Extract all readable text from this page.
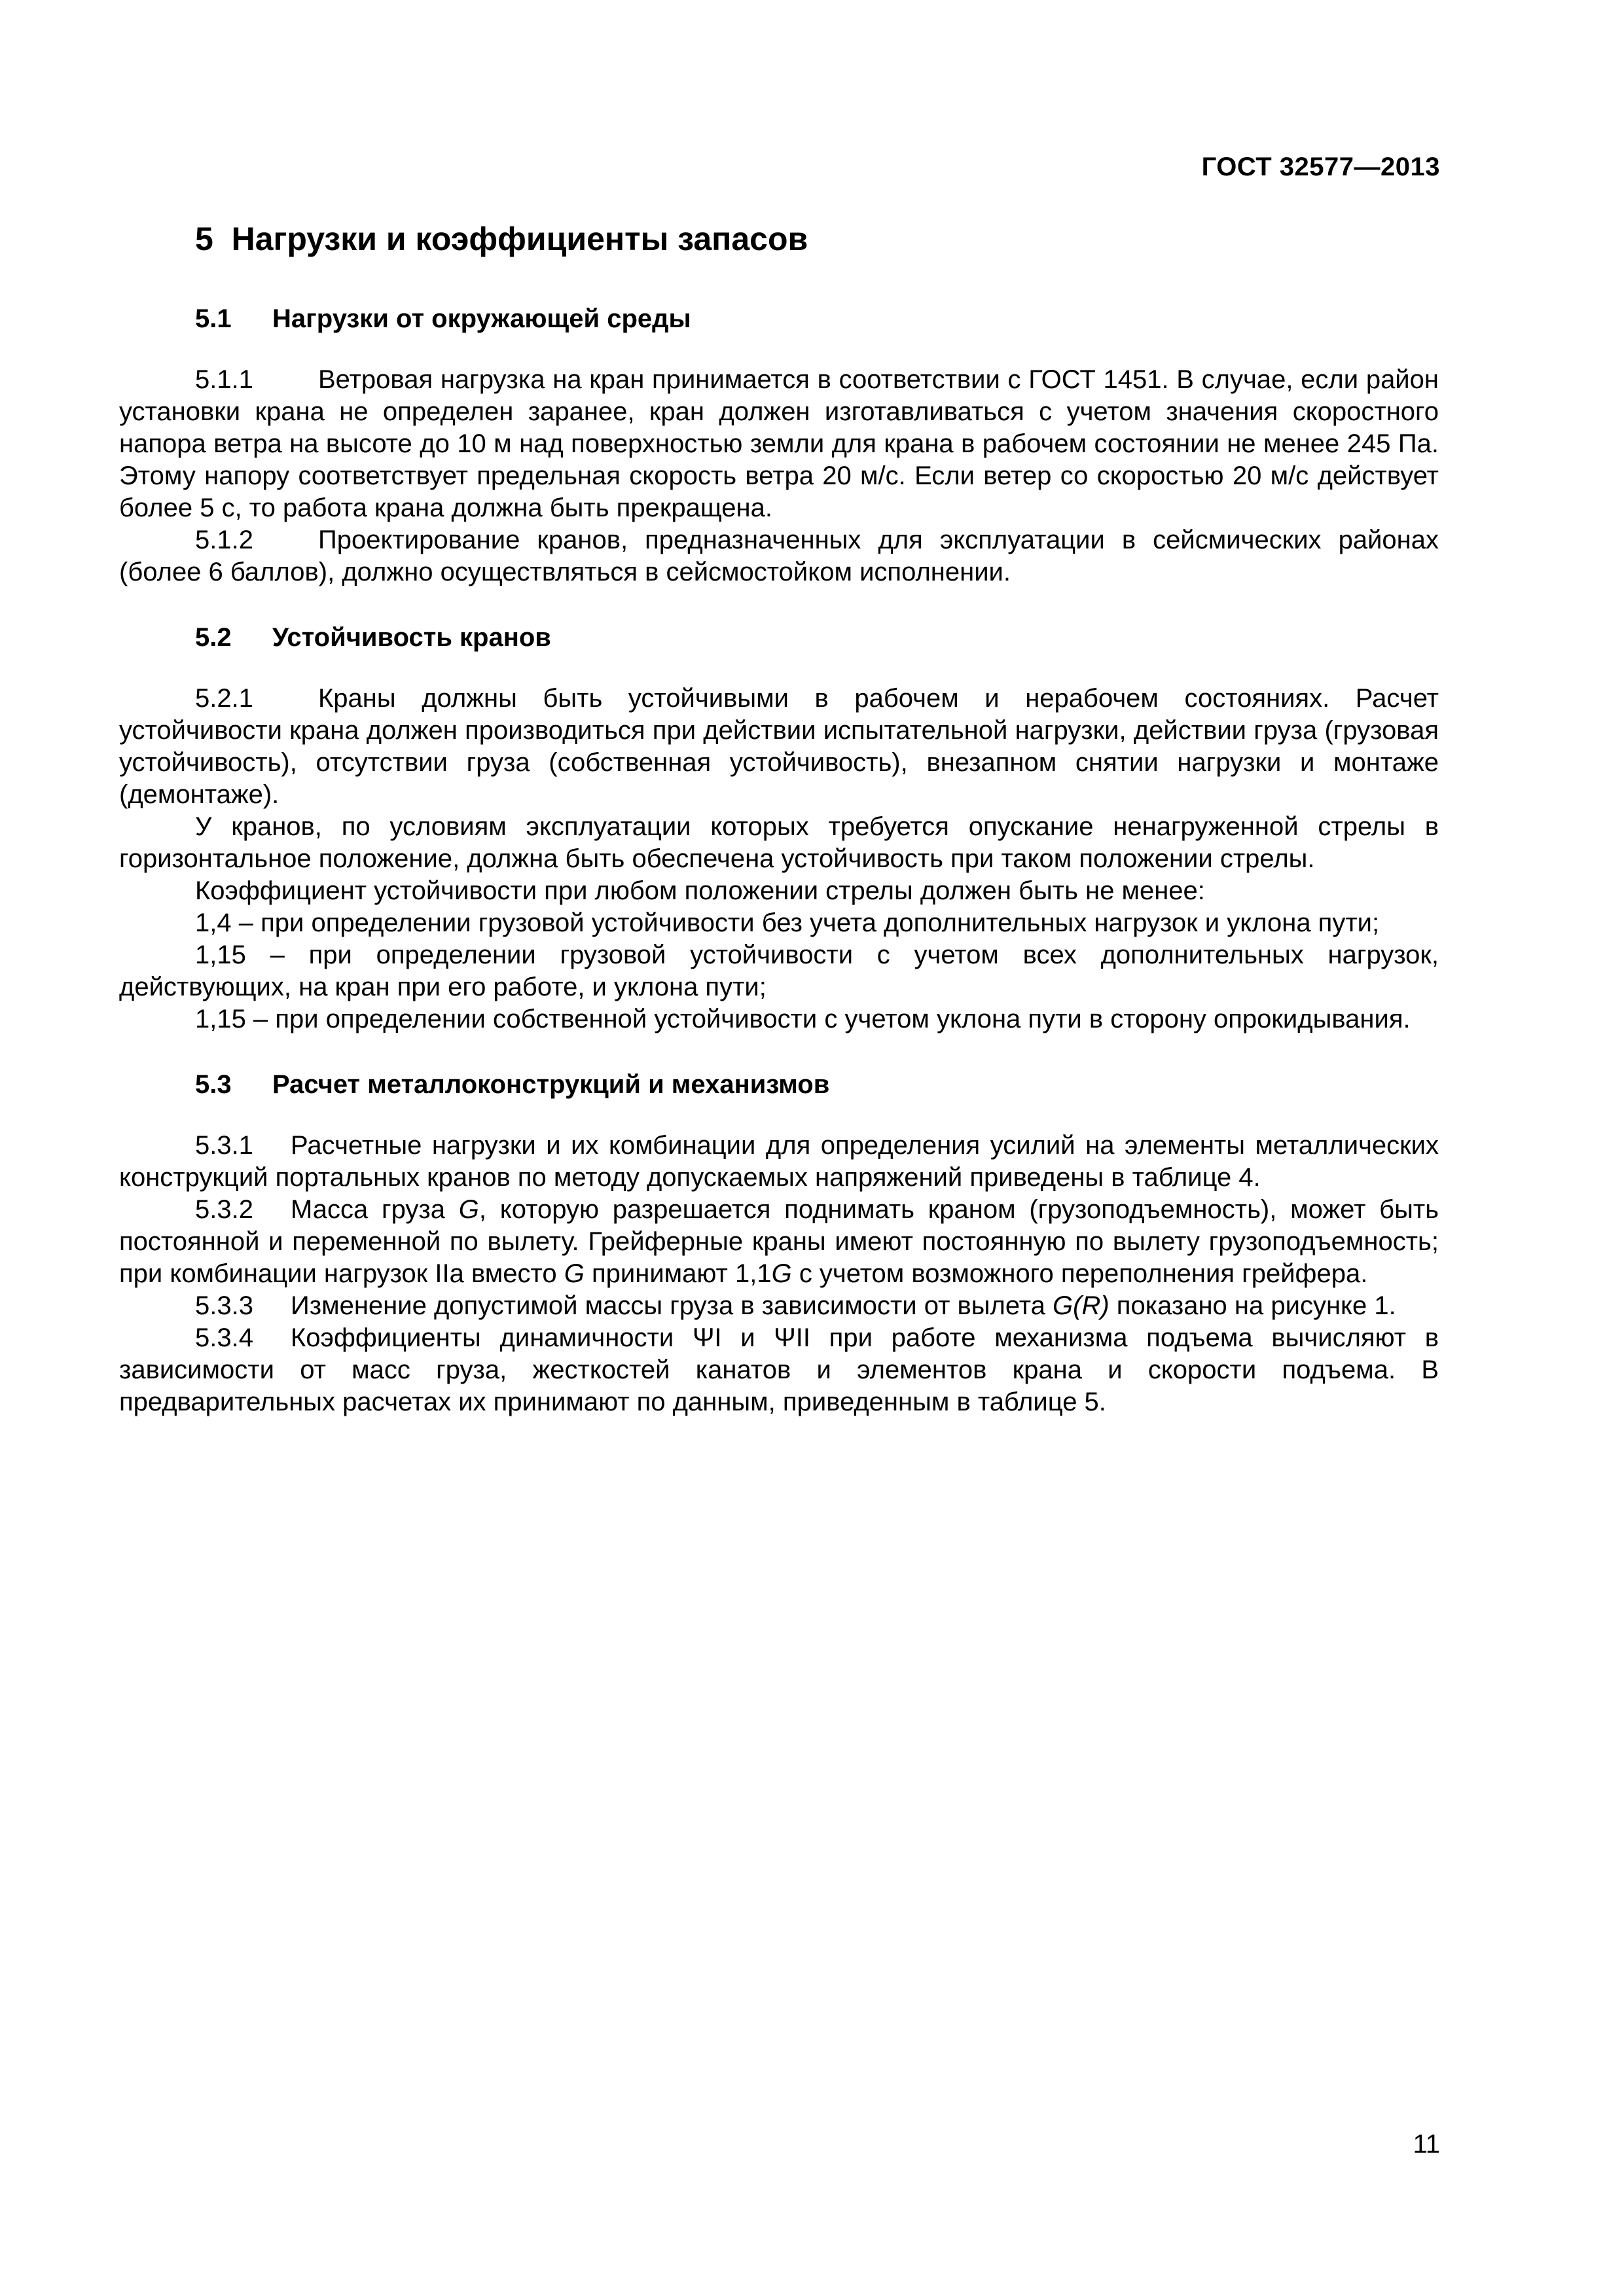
ГОСТ 32577—2013
5 Нагрузки и коэффициенты запасов
5.1 Нагрузки от окружающей среды

5.1.1 Ветровая нагрузка на кран принимается в соответствии с ГОСТ 1451. В случае, если район установки крана не определен заранее, кран должен изготавливаться с учетом значения скоростного напора ветра на высоте до 10 м над поверхностью земли для крана в рабочем состоянии не менее 245 Па. Этому напору соответствует предельная скорость ветра 20 м/с. Если ветер со скоростью 20 м/с действует более 5 с, то работа крана должна быть прекращена.

5.1.2 Проектирование кранов, предназначенных для эксплуатации в сейсмических районах (более 6 баллов), должно осуществляться в сейсмостойком исполнении.

5.2 Устойчивость кранов

5.2.1 Краны должны быть устойчивыми в рабочем и нерабочем состояниях. Расчет устойчивости крана должен производиться при действии испытательной нагрузки, действии груза (грузовая устойчивость), отсутствии груза (собственная устойчивость), внезапном снятии нагрузки и монтаже (демонтаже).

У кранов, по условиям эксплуатации которых требуется опускание ненагруженной стрелы в горизонтальное положение, должна быть обеспечена устойчивость при таком положении стрелы.

Коэффициент устойчивости при любом положении стрелы должен быть не менее:

1,4 – при определении грузовой устойчивости без учета дополнительных нагрузок и уклона пути;

1,15 – при определении грузовой устойчивости с учетом всех дополнительных нагрузок, действующих, на кран при его работе, и уклона пути;

1,15 – при определении собственной устойчивости с учетом уклона пути в сторону опрокидывания.

5.3 Расчет металлоконструкций и механизмов

5.3.1 Расчетные нагрузки и их комбинации для определения усилий на элементы металлических конструкций портальных кранов по методу допускаемых напряжений приведены в таблице 4.

5.3.2 Масса груза G, которую разрешается поднимать краном (грузоподъемность), может быть постоянной и переменной по вылету. Грейферные краны имеют постоянную по вылету грузоподъемность; при комбинации нагрузок IIа вместо G принимают 1,1G с учетом возможного переполнения грейфера.

5.3.3 Изменение допустимой массы груза в зависимости от вылета G(R) показано на рисунке 1.

5.3.4 Коэффициенты динамичности ΨI и ΨII при работе механизма подъема вычисляют в зависимости от масс груза, жесткостей канатов и элементов крана и скорости подъема. В предварительных расчетах их принимают по данным, приведенным в таблице 5.

11
